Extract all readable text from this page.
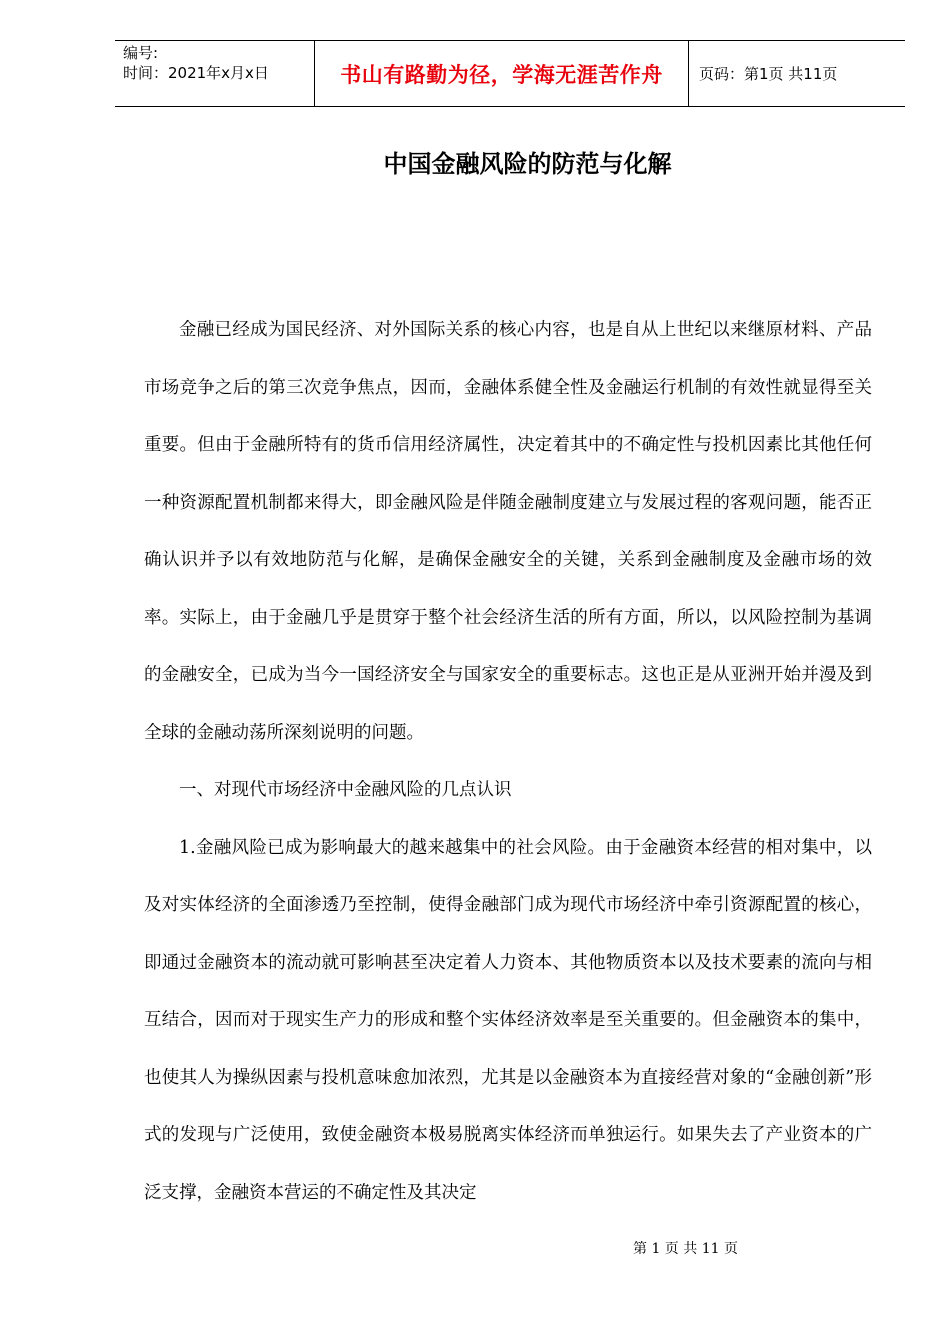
编号:
时间：2021年x月x日	书山有路勤为径，学海无涯苦作舟	页码：第1页 共11页
中国金融风险的防范与化解

金融已经成为国民经济、对外国际关系的核心内容，也是自从上世纪以来继原材料、产品市场竞争之后的第三次竞争焦点，因而，金融体系健全性及金融运行机制的有效性就显得至关重要。但由于金融所特有的货币信用经济属性，决定着其中的不确定性与投机因素比其他任何一种资源配置机制都来得大，即金融风险是伴随金融制度建立与发展过程的客观问题，能否正确认识并予以有效地防范与化解，是确保金融安全的关键，关系到金融制度及金融市场的效率。实际上，由于金融几乎是贯穿于整个社会经济生活的所有方面，所以，以风险控制为基调的金融安全，已成为当今一国经济安全与国家安全的重要标志。这也正是从亚洲开始并漫及到全球的金融动荡所深刻说明的问题。

一、对现代市场经济中金融风险的几点认识

1.金融风险已成为影响最大的越来越集中的社会风险。由于金融资本经营的相对集中，以及对实体经济的全面渗透乃至控制，使得金融部门成为现代市场经济中牵引资源配置的核心，即通过金融资本的流动就可影响甚至决定着人力资本、其他物质资本以及技术要素的流向与相互结合，因而对于现实生产力的形成和整个实体经济效率是至关重要的。但金融资本的集中，也使其人为操纵因素与投机意味愈加浓烈，尤其是以金融资本为直接经营对象的“金融创新”形式的发现与广泛使用，致使金融资本极易脱离实体经济而单独运行。如果失去了产业资本的广泛支撑，金融资本营运的不确定性及其决定

第 1 页 共 11 页
